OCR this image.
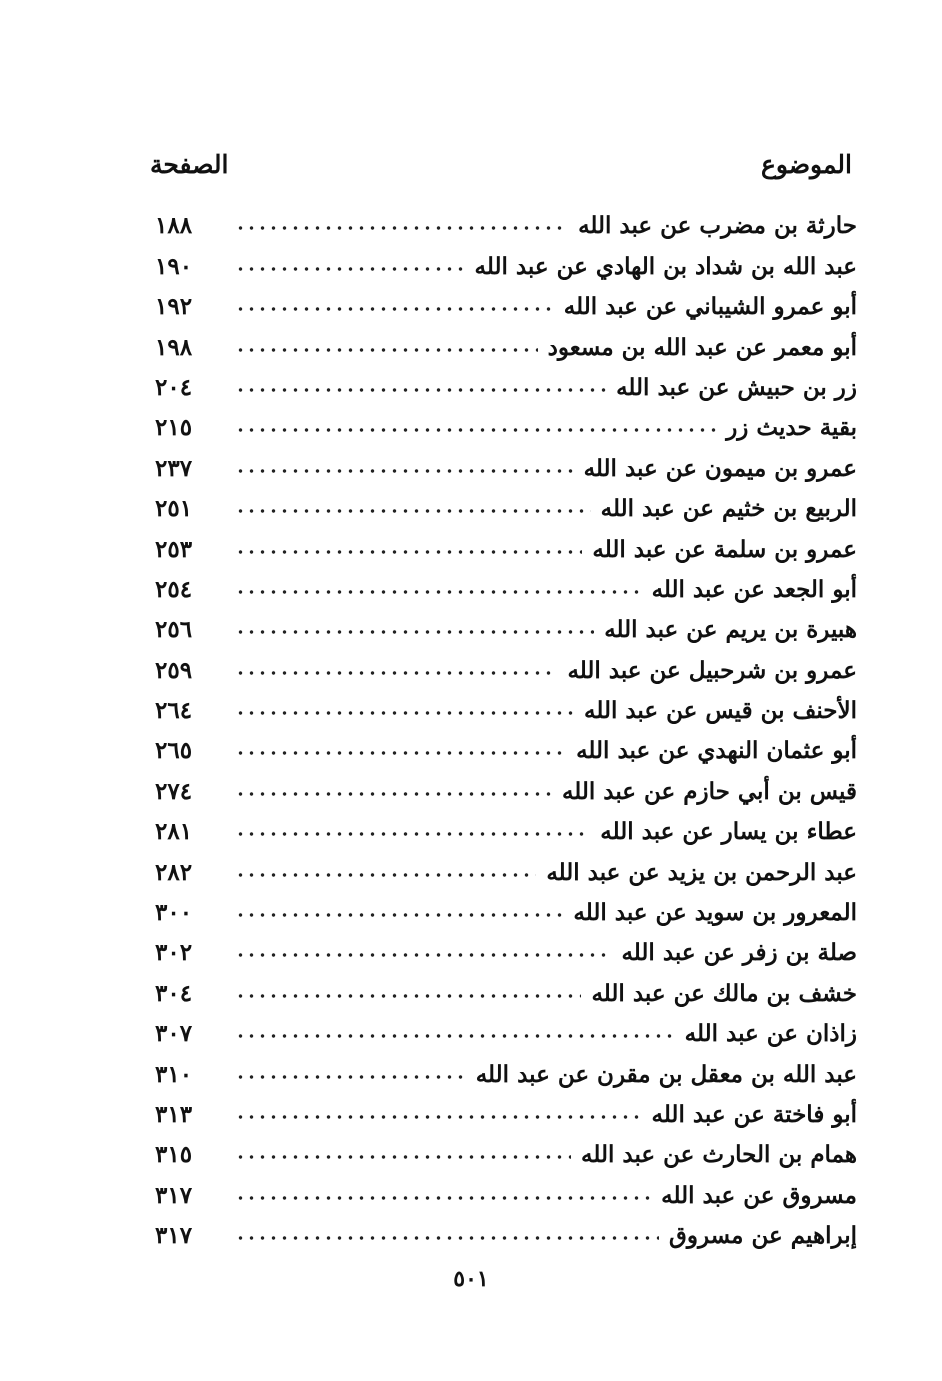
الموضوع
الصفحة
حارثة بن مضرب عن عبد الله
١٨٨
عبد الله بن شداد بن الهادي عن عبد الله
١٩٠
أبو عمرو الشيباني عن عبد الله
١٩٢
أبو معمر عن عبد الله بن مسعود
١٩٨
زر بن حبيش عن عبد الله
٢٠٤
بقية حديث زر
٢١٥
عمرو بن ميمون عن عبد الله
٢٣٧
الربيع بن خثيم عن عبد الله
٢٥١
عمرو بن سلمة عن عبد الله
٢٥٣
أبو الجعد عن عبد الله
٢٥٤
هبيرة بن يريم عن عبد الله
٢٥٦
عمرو بن شرحبيل عن عبد الله
٢٥٩
الأحنف بن قيس عن عبد الله
٢٦٤
أبو عثمان النهدي عن عبد الله
٢٦٥
قيس بن أبي حازم عن عبد الله
٢٧٤
عطاء بن يسار عن عبد الله
٢٨١
عبد الرحمن بن يزيد عن عبد الله
٢٨٢
المعرور بن سويد عن عبد الله
٣٠٠
صلة بن زفر عن عبد الله
٣٠٢
خشف بن مالك عن عبد الله
٣٠٤
زاذان عن عبد الله
٣٠٧
عبد الله بن معقل بن مقرن عن عبد الله
٣١٠
أبو فاختة عن عبد الله
٣١٣
همام بن الحارث عن عبد الله
٣١٥
مسروق عن عبد الله
٣١٧
إبراهيم عن مسروق
٣١٧
٥٠١
